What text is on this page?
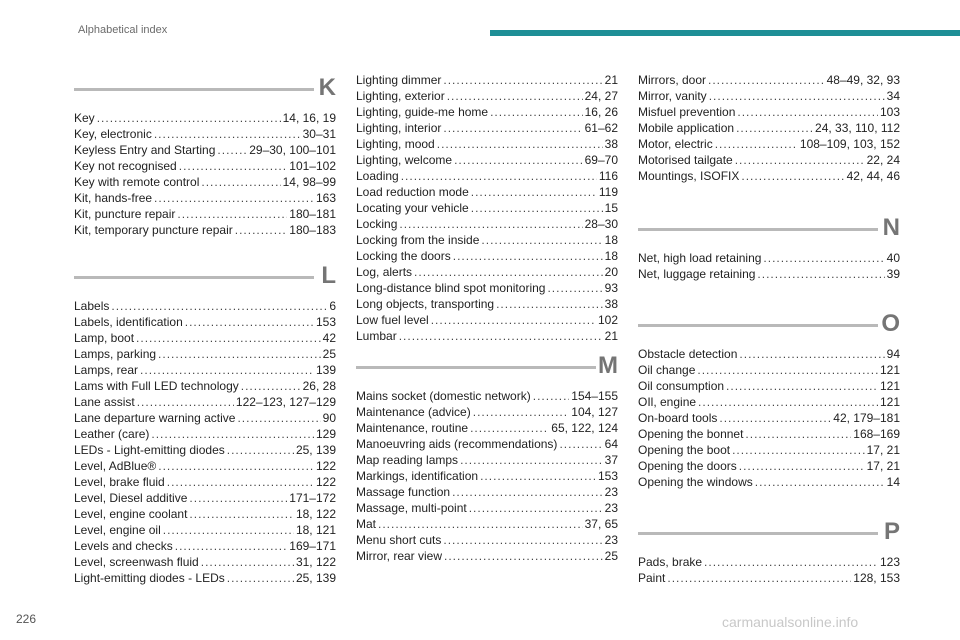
Alphabetical index
K
Key .....	14, 16, 19
Key, electronic .....	30–31
Keyless Entry and Starting .....	29–30, 100–101
Key not recognised .....	101–102
Key with remote control .....	14, 98–99
Kit, hands-free .....	163
Kit, puncture repair .....	180–181
Kit, temporary puncture repair .....	180–183
L
Labels .....	6
Labels, identification .....	153
Lamp, boot .....	42
Lamps, parking .....	25
Lamps, rear .....	139
Lams with Full LED technology .....	26, 28
Lane assist .....	122–123, 127–129
Lane departure warning active .....	90
Leather (care) .....	129
LEDs - Light-emitting diodes .....	25, 139
Level, AdBlue® .....	122
Level, brake fluid .....	122
Level, Diesel additive .....	171–172
Level, engine coolant .....	18, 122
Level, engine oil .....	18, 121
Levels and checks .....	169–171
Level, screenwash fluid .....	31, 122
Light-emitting diodes - LEDs .....	25, 139
Lighting dimmer .....	21
Lighting, exterior .....	24, 27
Lighting, guide-me home .....	16, 26
Lighting, interior .....	61–62
Lighting, mood .....	38
Lighting, welcome .....	69–70
Loading .....	116
Load reduction mode .....	119
Locating your vehicle .....	15
Locking .....	28–30
Locking from the inside .....	18
Locking the doors .....	18
Log, alerts .....	20
Long-distance blind spot monitoring .....	93
Long objects, transporting .....	38
Low fuel level .....	102
Lumbar .....	21
M
Mains socket (domestic network) .....	154–155
Maintenance (advice) .....	104, 127
Maintenance, routine .....	65, 122, 124
Manoeuvring aids (recommendations) .....	64
Map reading lamps .....	37
Markings, identification .....	153
Massage function .....	23
Massage, multi-point .....	23
Mat .....	37, 65
Menu short cuts .....	23
Mirror, rear view .....	25
Mirrors, door .....	48–49, 32, 93
Mirror, vanity .....	34
Misfuel prevention .....	103
Mobile application .....	24, 33, 110, 112
Motor, electric .....	108–109, 103, 152
Motorised tailgate .....	22, 24
Mountings, ISOFIX .....	42, 44, 46
N
Net, high load retaining .....	40
Net, luggage retaining .....	39
O
Obstacle detection .....	94
Oil change .....	121
Oil consumption .....	121
OIl, engine .....	121
On-board tools .....	42, 179–181
Opening the bonnet .....	168–169
Opening the boot .....	17, 21
Opening the doors .....	17, 21
Opening the windows .....	14
P
Pads, brake .....	123
Paint .....	128, 153
226	carmanualsonline.info
